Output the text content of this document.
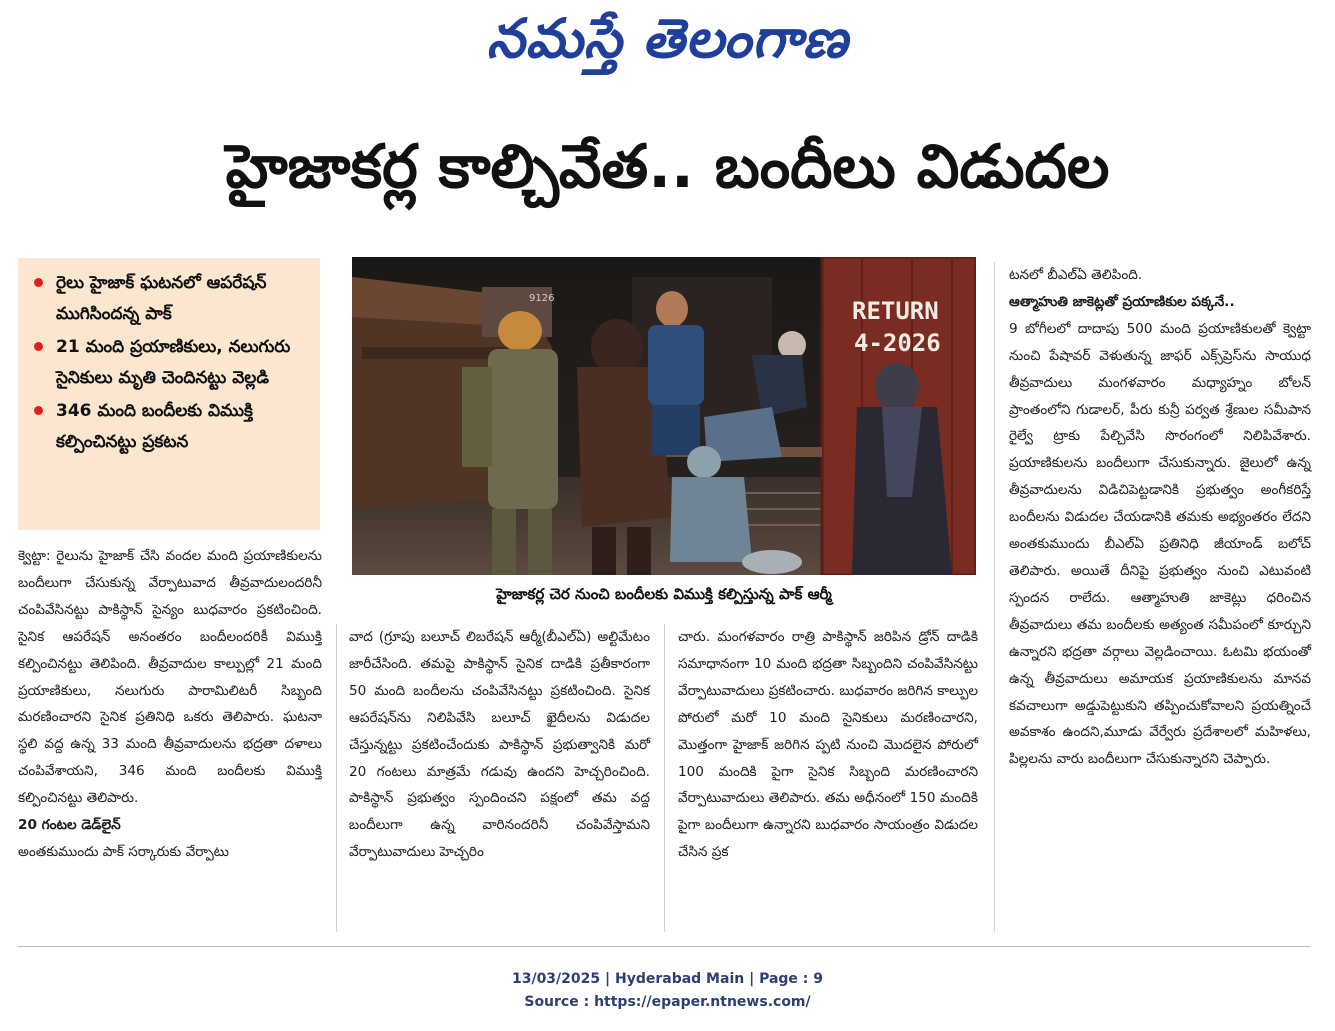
నమస్తే తెలంగాణ
హైజాకర్ల కాల్చివేత.. బందీలు విడుదల
రైలు హైజాక్ ఘటనలో ఆపరేషన్ ముగిసిందన్న పాక్
21 మంది ప్రయాణికులు, నలుగురు సైనికులు మృతి చెందినట్టు వెల్లడి
346 మంది బందీలకు విముక్తి కల్పించినట్టు ప్రకటన
9126	RETURN
4-2026
హైజాకర్ల చెర నుంచి బందీలకు విముక్తి కల్పిస్తున్న పాక్ ఆర్మీ

క్వెట్టా: రైలును హైజాక్ చేసి వందల మంది ప్రయాణికులను బందీలుగా చేసుకున్న వేర్పాటువాద తీవ్రవాదులందరినీ చంపివేసినట్టు పాకిస్థాన్ సైన్యం బుధవారం ప్రకటించింది. సైనిక ఆపరేషన్ అనంతరం బందీలందరికీ విముక్తి కల్పించినట్టు తెలిపింది. తీవ్రవాదుల కాల్పుల్లో 21 మంది ప్రయాణికులు, నలుగురు పారామిలిటరీ సిబ్బంది మరణించారని సైనిక ప్రతినిధి ఒకరు తెలిపారు. ఘటనా స్థలి వద్ద ఉన్న 33 మంది తీవ్రవాదులను భద్రతా దళాలు చంపివేశాయని, 346 మంది బందీలకు విముక్తి కల్పించినట్టు తెలిపారు.

20 గంటల డెడ్‌లైన్

అంతకుముందు పాక్ సర్కారుకు వేర్పాటు

వాద (గ్రూపు బలూచ్ లిబరేషన్ ఆర్మీ(బీఎల్ఏ) అల్టిమేటం జారీచేసింది. తమపై పాకిస్థాన్ సైనిక దాడికి ప్రతీకారంగా 50 మంది బందీలను చంపివేసినట్టు ప్రకటించింది. సైనిక ఆపరేషన్‌ను నిలిపివేసి బలూచ్ ఖైదీలను విడుదల చేస్తున్నట్టు ప్రకటించేందుకు పాకిస్థాన్ ప్రభుత్వానికి మరో 20 గంటలు మాత్రమే గడువు ఉందని హెచ్చరించింది. పాకిస్థాన్ ప్రభుత్వం స్పందించని పక్షంలో తమ వద్ద బందీలుగా ఉన్న వారినందరినీ చంపివేస్తామని వేర్పాటువాదులు హెచ్చరిం

చారు. మంగళవారం రాత్రి పాకిస్థాన్ జరిపిన డ్రోన్ దాడికి సమాధానంగా 10 మంది భద్రతా సిబ్బందిని చంపివేసినట్టు వేర్పాటువాదులు ప్రకటించారు. బుధవారం జరిగిన కాల్పుల పోరులో మరో 10 మంది సైనికులు మరణించారని, మొత్తంగా హైజాక్ జరిగిన ప్పటి నుంచి మొదలైన పోరులో 100 మందికి పైగా సైనిక సిబ్బంది మరణించారని వేర్పాటువాదులు తెలిపారు. తమ అధీనంలో 150 మందికి పైగా బందీలుగా ఉన్నారని బుధవారం సాయంత్రం విడుదల చేసిన ప్రక

టనలో బీఎల్ఏ తెలిపింది.

ఆత్మాహుతి జాకెట్లతో ప్రయాణికుల పక్కనే..

9 బోగీలలో దాదాపు 500 మంది ప్రయాణికులతో క్వెట్టా నుంచి పేషావర్ వెళుతున్న జాఫర్ ఎక్స్‌ప్రెస్‌ను సాయుధ తీవ్రవాదులు మంగళవారం మధ్యాహ్నం బోలన్ ప్రాంతంలోని గుడాలర్, పీరు కున్రీ పర్వత శ్రేణుల సమీపాన రైల్వే ట్రాకు పేల్చివేసి సొరంగంలో నిలిపివేశారు. ప్రయాణికులను బందీలుగా చేసుకున్నారు. జైలులో ఉన్న తీవ్రవాదులను విడిచిపెట్టడానికి ప్రభుత్వం అంగీకరిస్తే బందీలను విడుదల చేయడానికి తమకు అభ్యంతరం లేదని అంతకుముందు బీఎల్ఏ ప్రతినిధి జీయాండ్ బలోచ్ తెలిపారు. అయితే దీనిపై ప్రభుత్వం నుంచి ఎటువంటి స్పందన రాలేదు. ఆత్మాహుతి జాకెట్లు ధరించిన తీవ్రవాదులు తమ బందీలకు అత్యంత సమీపంలో కూర్చుని ఉన్నారని భద్రతా వర్గాలు వెల్లడించాయి. ఓటమి భయంతో ఉన్న తీవ్రవాదులు అమాయక ప్రయాణికులను మానవ కవచాలుగా అడ్డుపెట్టుకుని తప్పించుకోవాలని ప్రయత్నించే అవకాశం ఉందని,మూడు వేర్వేరు ప్రదేశాలలో మహిళలు, పిల్లలను వారు బందీలుగా చేసుకున్నారని చెప్పారు.

13/03/2025 | Hyderabad Main | Page : 9
Source : https://epaper.ntnews.com/
